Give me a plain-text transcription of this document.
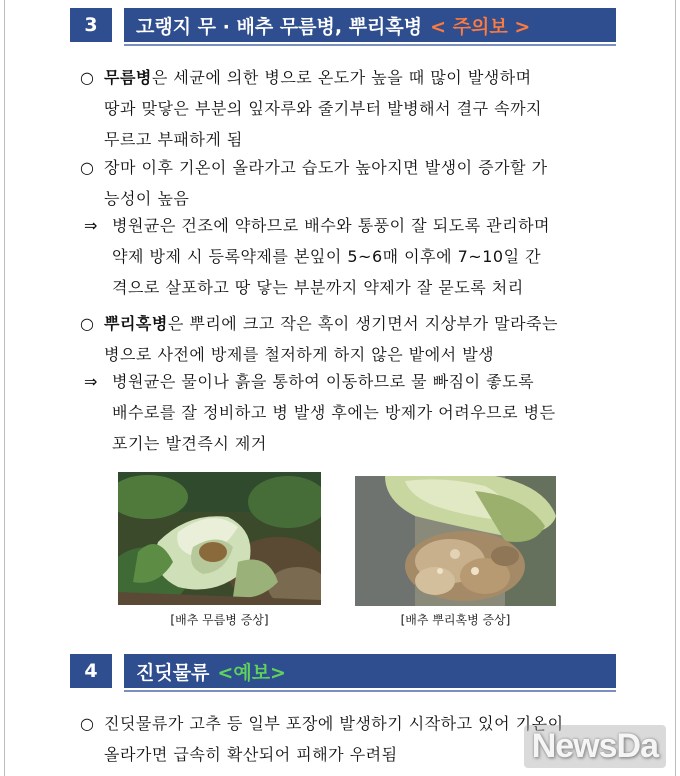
3	고랭지 무 · 배추 무름병, 뿌리혹병 < 주의보 >
○ 무름병은 세균에 의한 병으로 온도가 높을 때 많이 발생하며
땅과 맞닿은 부분의 잎자루와 줄기부터 발병해서 결구 속까지
무르고 부패하게 됨
○ 장마 이후 기온이 올라가고 습도가 높아지면 발생이 증가할 가
능성이 높음
⇒ 병원균은 건조에 약하므로 배수와 통풍이 잘 되도록 관리하며
약제 방제 시 등록약제를 본잎이 5~6매 이후에 7~10일 간
격으로 살포하고 땅 닿는 부분까지 약제가 잘 묻도록 처리
○ 뿌리혹병은 뿌리에 크고 작은 혹이 생기면서 지상부가 말라죽는
병으로 사전에 방제를 철저하게 하지 않은 밭에서 발생
⇒ 병원균은 물이나 흙을 통하여 이동하므로 물 빠짐이 좋도록
배수로를 잘 정비하고 병 발생 후에는 방제가 어려우므로 병든
포기는 발견즉시 제거
[배추 무름병 증상]	[배추 뿌리혹병 증상]
4	진딧물류 <예보>
○ 진딧물류가 고추 등 일부 포장에 발생하기 시작하고 있어 기온이
올라가면 급속히 확산되어 피해가 우려됨	NewsDa
